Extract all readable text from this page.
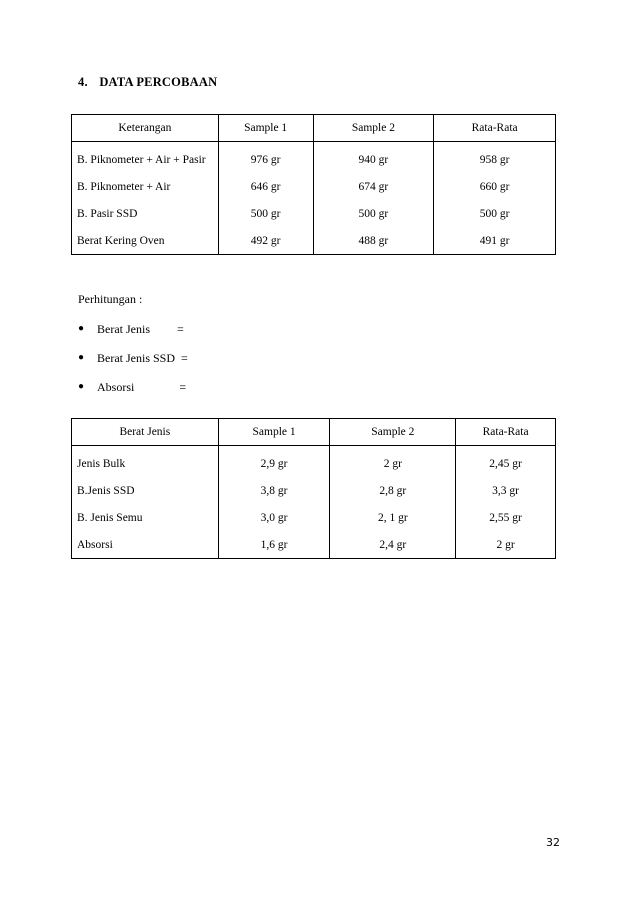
4. DATA PERCOBAAN
Keterangan	Sample 1	Sample 2	Rata-Rata
B. Piknometer + Air + Pasir	976 gr	940 gr	958 gr
B. Piknometer + Air	646 gr	674 gr	660 gr
B. Pasir SSD	500 gr	500 gr	500 gr
Berat Kering Oven	492 gr	488 gr	491 gr
Perhitungan :
●	Berat Jenis         =
●	Berat Jenis SSD  =
●	Absorsi               =
Berat Jenis	Sample 1	Sample 2	Rata-Rata
Jenis Bulk	2,9 gr	2 gr	2,45 gr
B.Jenis SSD	3,8 gr	2,8 gr	3,3 gr
B. Jenis Semu	3,0 gr	2, 1 gr	2,55 gr
Absorsi	1,6 gr	2,4 gr	2 gr
32
